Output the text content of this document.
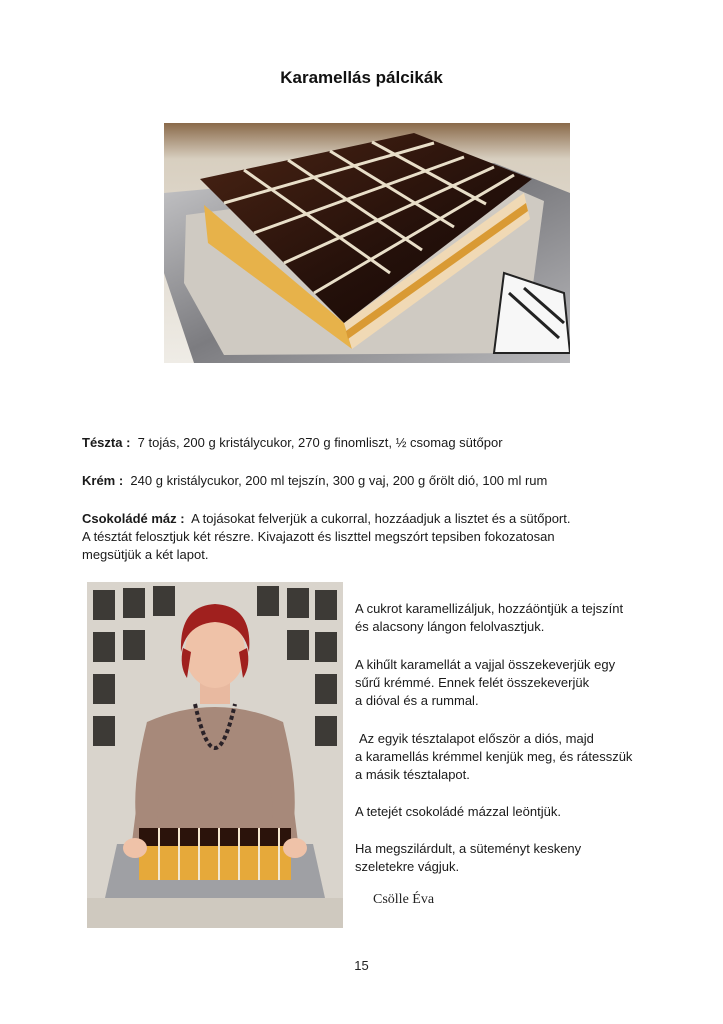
Karamellás pálcikák
Tészta : 7 tojás, 200 g kristálycukor, 270 g finomliszt, ½ csomag sütőpor
Krém : 240 g kristálycukor, 200 ml tejszín, 300 g vaj, 200 g őrölt dió, 100 ml rum
Csokoládé máz : A tojásokat felverjük a cukorral, hozzáadjuk a lisztet és a sütőport.
A tésztát felosztjuk két részre. Kivajazott és liszttel megszórt tepsiben fokozatosan
megsütjük a két lapot.
A cukrot karamellizáljuk, hozzáöntjük a tejszínt
és alacsony lángon felolvasztjuk.
A kihűlt karamellát a vajjal összekeverjük egy
sűrű krémmé. Ennek felét összekeverjük
a dióval és a rummal.
Az egyik tésztalapot először a diós, majd
a karamellás krémmel kenjük meg, és rátesszük
a másik tésztalapot.
A tetejét csokoládé mázzal leöntjük.
Ha megszilárdult, a süteményt keskeny
szeletekre vágjuk.
Csölle Éva
15
